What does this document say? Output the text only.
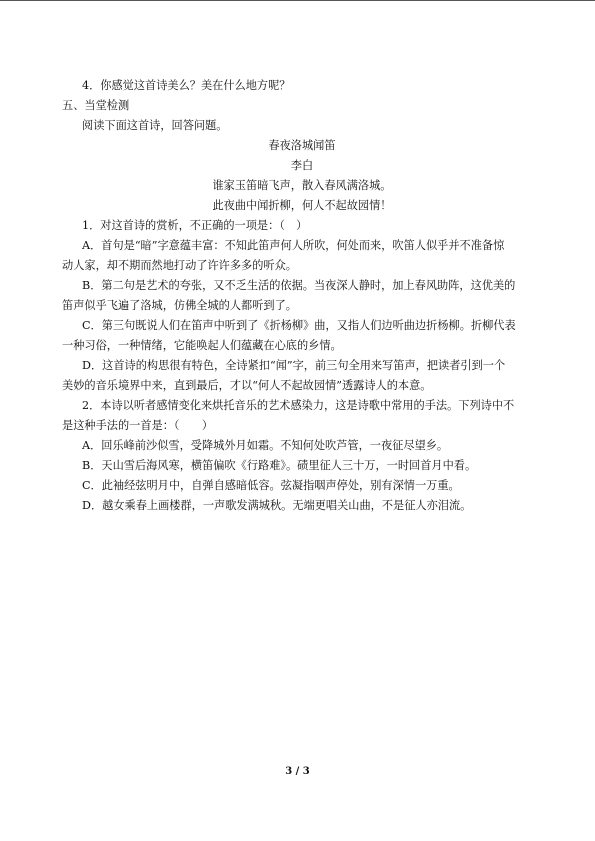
4．你感觉这首诗美么？美在什么地方呢？
五、当堂检测
阅读下面这首诗，回答问题。
春夜洛城闻笛
李白
谁家玉笛暗飞声，散入春风满洛城。
此夜曲中闻折柳，何人不起故园情！
1．对这首诗的赏析，不正确的一项是：（　）
A．首句是“暗”字意蕴丰富：不知此笛声何人所吹，何处而来，吹笛人似乎并不准备惊
动人家，却不期而然地打动了许许多多的听众。
B．第二句是艺术的夸张，又不乏生活的依据。当夜深人静时，加上春风助阵，这优美的
笛声似乎飞遍了洛城，仿佛全城的人都听到了。
C．第三句既说人们在笛声中听到了《折杨柳》曲，又指人们边听曲边折杨柳。折柳代表
一种习俗，一种情绪，它能唤起人们蕴藏在心底的乡情。
D．这首诗的构思很有特色，全诗紧扣“闻”字，前三句全用来写笛声，把读者引到一个
美妙的音乐境界中来，直到最后，才以“何人不起故园情”透露诗人的本意。
2．本诗以听者感情变化来烘托音乐的艺术感染力，这是诗歌中常用的手法。下列诗中不
是这种手法的一首是：（　　）
A．回乐峰前沙似雪，受降城外月如霜。不知何处吹芦管，一夜征尽望乡。
B．天山雪后海风寒，横笛偏吹《行路难》。碛里征人三十万，一时回首月中看。
C．此袖经弦明月中，自弹自感暗低容。弦凝指咽声停处，别有深情一万重。
D．越女乘春上画楼群，一声歌发满城秋。无端更唱关山曲，不是征人亦泪流。
3 / 3
